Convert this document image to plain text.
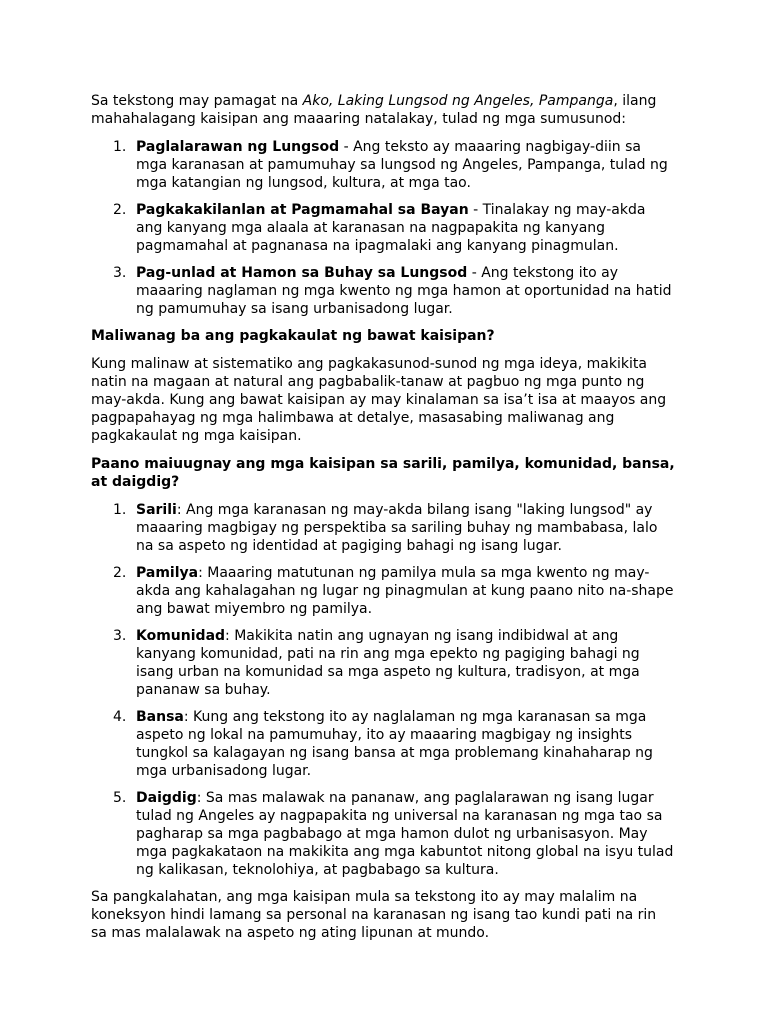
Sa tekstong may pamagat na Ako, Laking Lungsod ng Angeles, Pampanga, ilang mahahalagang kaisipan ang maaaring natalakay, tulad ng mga sumusunod:

1. Paglalarawan ng Lungsod - Ang teksto ay maaaring nagbigay-diin sa mga karanasan at pamumuhay sa lungsod ng Angeles, Pampanga, tulad ng mga katangian ng lungsod, kultura, at mga tao.
2. Pagkakakilanlan at Pagmamahal sa Bayan - Tinalakay ng may-akda ang kanyang mga alaala at karanasan na nagpapakita ng kanyang pagmamahal at pagnanasa na ipagmalaki ang kanyang pinagmulan.
3. Pag-unlad at Hamon sa Buhay sa Lungsod - Ang tekstong ito ay maaaring naglaman ng mga kwento ng mga hamon at oportunidad na hatid ng pamumuhay sa isang urbanisadong lugar.

Maliwanag ba ang pagkakaulat ng bawat kaisipan?

Kung malinaw at sistematiko ang pagkakasunod-sunod ng mga ideya, makikita natin na magaan at natural ang pagbabalik-tanaw at pagbuo ng mga punto ng may-akda. Kung ang bawat kaisipan ay may kinalaman sa isa’t isa at maayos ang pagpapahayag ng mga halimbawa at detalye, masasabing maliwanag ang pagkakaulat ng mga kaisipan.

Paano maiuugnay ang mga kaisipan sa sarili, pamilya, komunidad, bansa, at daigdig?

1. Sarili: Ang mga karanasan ng may-akda bilang isang "laking lungsod" ay maaaring magbigay ng perspektiba sa sariling buhay ng mambabasa, lalo na sa aspeto ng identidad at pagiging bahagi ng isang lugar.
2. Pamilya: Maaaring matutunan ng pamilya mula sa mga kwento ng may-akda ang kahalagahan ng lugar ng pinagmulan at kung paano nito na-shape ang bawat miyembro ng pamilya.
3. Komunidad: Makikita natin ang ugnayan ng isang indibidwal at ang kanyang komunidad, pati na rin ang mga epekto ng pagiging bahagi ng isang urban na komunidad sa mga aspeto ng kultura, tradisyon, at mga pananaw sa buhay.
4. Bansa: Kung ang tekstong ito ay naglalaman ng mga karanasan sa mga aspeto ng lokal na pamumuhay, ito ay maaaring magbigay ng insights tungkol sa kalagayan ng isang bansa at mga problemang kinahaharap ng mga urbanisadong lugar.
5. Daigdig: Sa mas malawak na pananaw, ang paglalarawan ng isang lugar tulad ng Angeles ay nagpapakita ng universal na karanasan ng mga tao sa pagharap sa mga pagbabago at mga hamon dulot ng urbanisasyon. May mga pagkakataon na makikita ang mga kabuntot nitong global na isyu tulad ng kalikasan, teknolohiya, at pagbabago sa kultura.

Sa pangkalahatan, ang mga kaisipan mula sa tekstong ito ay may malalim na koneksyon hindi lamang sa personal na karanasan ng isang tao kundi pati na rin sa mas malalawak na aspeto ng ating lipunan at mundo.
